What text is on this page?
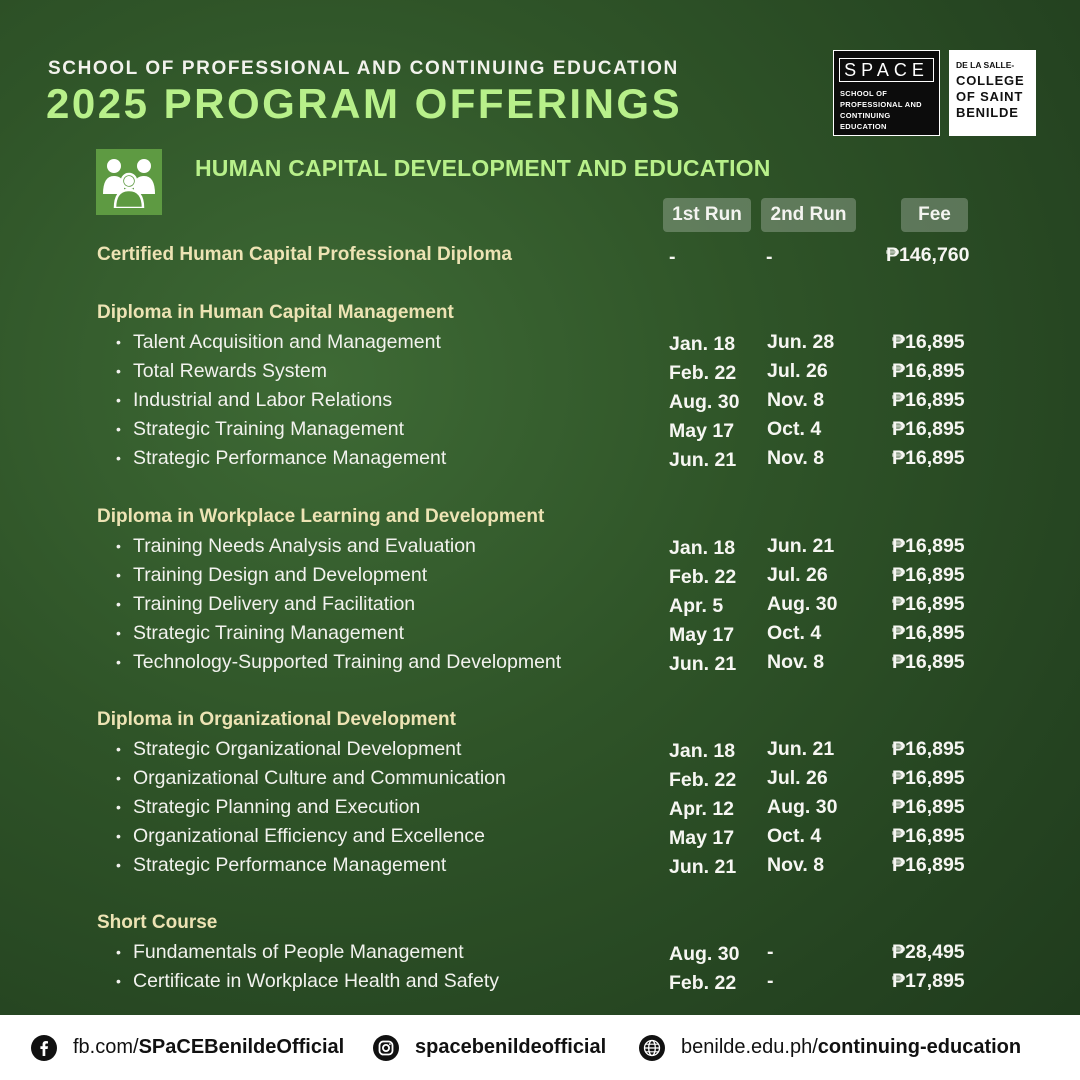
SCHOOL OF PROFESSIONAL AND CONTINUING EDUCATION
2025 PROGRAM OFFERINGS
SPACE
SCHOOL OF
PROFESSIONAL AND
CONTINUING
EDUCATION
DE LA SALLE-
COLLEGE
OF SAINT
BENILDE
HUMAN CAPITAL DEVELOPMENT AND EDUCATION
1st Run	2nd Run	Fee
Certified Human Capital Professional Diploma	-	-	₱146,760
Diploma in Human Capital Management
• Talent Acquisition and Management	Jan. 18 Jun. 28	₱16,895
• Total Rewards System	Feb. 22 Jul. 26	₱16,895
• Industrial and Labor Relations	Aug. 30 Nov. 8	₱16,895
• Strategic Training Management	May 17 Oct. 4	₱16,895
• Strategic Performance Management	Jun. 21 Nov. 8	₱16,895
Diploma in Workplace Learning and Development
• Training Needs Analysis and Evaluation	Jan. 18 Jun. 21	₱16,895
• Training Design and Development	Feb. 22 Jul. 26	₱16,895
• Training Delivery and Facilitation	Apr. 5 Aug. 30	₱16,895
• Strategic Training Management	May 17 Oct. 4	₱16,895
• Technology-Supported Training and Development	Jun. 21 Nov. 8	₱16,895
Diploma in Organizational Development
• Strategic Organizational Development	Jan. 18 Jun. 21	₱16,895
• Organizational Culture and Communication	Feb. 22 Jul. 26	₱16,895
• Strategic Planning and Execution	Apr. 12 Aug. 30	₱16,895
• Organizational Efficiency and Excellence	May 17 Oct. 4	₱16,895
• Strategic Performance Management	Jun. 21 Nov. 8	₱16,895
Short Course
• Fundamentals of People Management	Aug. 30 -	₱28,495
• Certificate in Workplace Health and Safety	Feb. 22 -	₱17,895
fb.com/ SPaCEBenildeOfficial	spacebenildeofficial	benilde.edu.ph/ continuing-education
